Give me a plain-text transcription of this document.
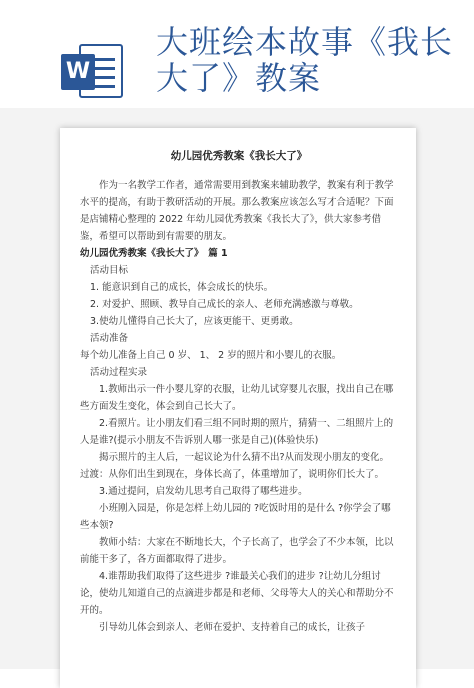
W
大班绘本故事《我长大了》教案
幼儿园优秀教案《我长大了》

作为一名教学工作者，通常需要用到教案来辅助教学，教案有利于教学水平的提高，有助于教研活动的开展。那么教案应该怎么写才合适呢？下面是店铺精心整理的 2022 年幼儿园优秀教案《我长大了》，供大家参考借鉴，希望可以帮助到有需要的朋友。

幼儿园优秀教案《我长大了》　篇 1

活动目标

1. 能意识到自己的成长，体会成长的快乐。

2. 对爱护、照顾、教导自己成长的亲人、老师充满感激与尊敬。

3.使幼儿懂得自己长大了，应该更能干、更勇敢。

活动准备

每个幼儿准备上自己 0 岁、 1、 2 岁的照片和小婴儿的衣服。

活动过程实录

1.教师出示一件小婴儿穿的衣服，让幼儿试穿婴儿衣服，找出自己在哪些方面发生变化，体会到自己长大了。

2.看照片。让小朋友们看三组不同时期的照片，猜猜一、二组照片上的人是谁?(提示小朋友不告诉别人哪一张是自己)(体验快乐)

揭示照片的主人后，一起议论为什么猜不出?从而发现小朋友的变化。过渡：从你们出生到现在，身体长高了，体重增加了，说明你们长大了。

3.通过提问，启发幼儿思考自己取得了哪些进步。

小班刚入园是，你是怎样上幼儿园的 ?吃饭时用的是什么 ?你学会了哪些本领?

教师小结：大家在不断地长大，个子长高了，也学会了不少本领，比以前能干多了，各方面都取得了进步。

4.谁帮助我们取得了这些进步 ?谁最关心我们的进步 ?让幼儿分组讨论，使幼儿知道自己的点滴进步都是和老师、父母等大人的关心和帮助分不开的。

引导幼儿体会到亲人、老师在爱护、支持着自己的成长，让孩子
